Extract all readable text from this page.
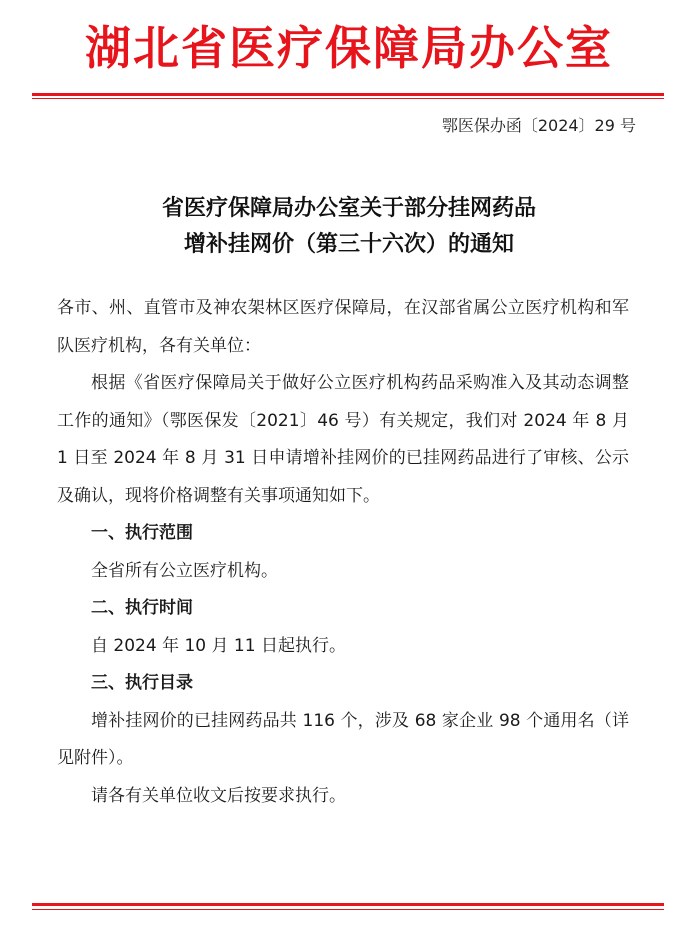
湖北省医疗保障局办公室
鄂医保办函〔2024〕29 号
省医疗保障局办公室关于部分挂网药品
增补挂网价（第三十六次）的通知

各市、州、直管市及神农架林区医疗保障局，在汉部省属公立医疗机构和军队医疗机构，各有关单位：

根据《省医疗保障局关于做好公立医疗机构药品采购准入及其动态调整工作的通知》（鄂医保发〔2021〕46 号）有关规定，我们对 2024 年 8 月 1 日至 2024 年 8 月 31 日申请增补挂网价的已挂网药品进行了审核、公示及确认，现将价格调整有关事项通知如下。

一、执行范围

全省所有公立医疗机构。

二、执行时间

自 2024 年 10 月 11 日起执行。

三、执行目录

增补挂网价的已挂网药品共 116 个，涉及 68 家企业 98 个通用名（详见附件）。

请各有关单位收文后按要求执行。
